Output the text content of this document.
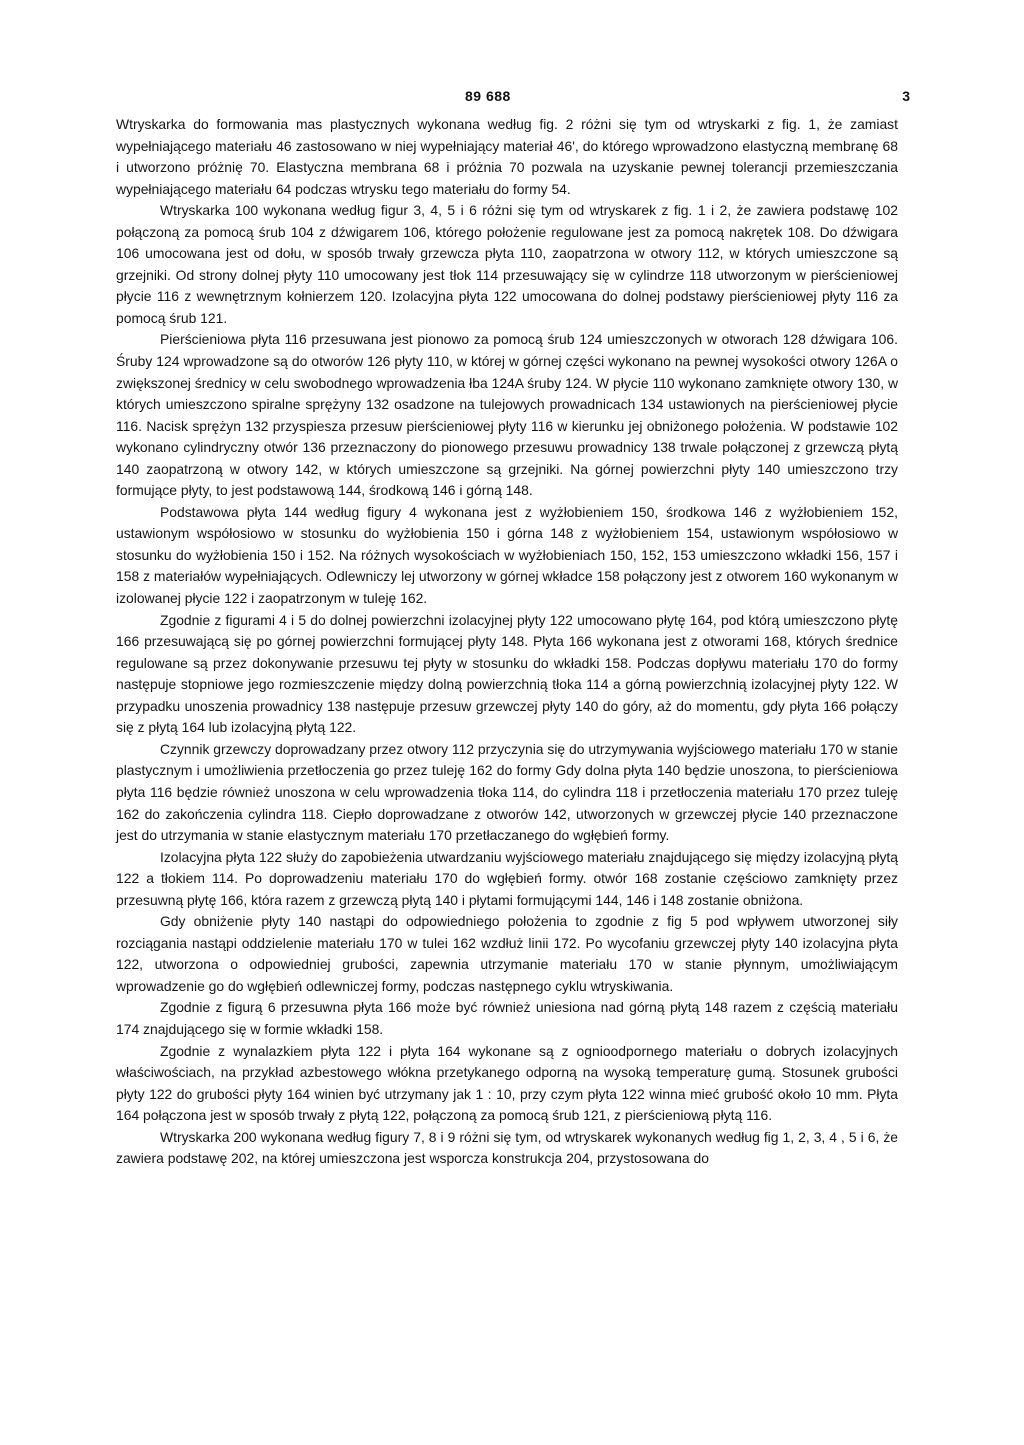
89 688	3

Wtryskarka do formowania mas plastycznych wykonana według fig. 2 różni się tym od wtryskarki z fig. 1, że zamiast wypełniającego materiału 46 zastosowano w niej wypełniający materiał 46', do którego wprowadzono elastyczną membranę 68 i utworzono próżnię 70. Elastyczna membrana 68 i próżnia 70 pozwala na uzyskanie pewnej tolerancji przemieszczania wypełniającego materiału 64 podczas wtrysku tego materiału do formy 54.

Wtryskarka 100 wykonana według figur 3, 4, 5 i 6 różni się tym od wtryskarek z fig. 1 i 2, że zawiera podstawę 102 połączoną za pomocą śrub 104 z dźwigarem 106, którego położenie regulowane jest za pomocą nakrętek 108. Do dźwigara 106 umocowana jest od dołu, w sposób trwały grzewcza płyta 110, zaopatrzona w otwory 112, w których umieszczone są grzejniki. Od strony dolnej płyty 110 umocowany jest tłok 114 przesuwający się w cylindrze 118 utworzonym w pierścieniowej płycie 116 z wewnętrznym kołnierzem 120. Izolacyjna płyta 122 umocowana do dolnej podstawy pierścieniowej płyty 116 za pomocą śrub 121.

Pierścieniowa płyta 116 przesuwana jest pionowo za pomocą śrub 124 umieszczonych w otworach 128 dźwigara 106. Śruby 124 wprowadzone są do otworów 126 płyty 110, w której w górnej części wykonano na pewnej wysokości otwory 126A o zwiększonej średnicy w celu swobodnego wprowadzenia łba 124A śruby 124. W płycie 110 wykonano zamknięte otwory 130, w których umieszczono spiralne sprężyny 132 osadzone na tulejowych prowadnicach 134 ustawionych na pierścieniowej płycie 116. Nacisk sprężyn 132 przyspiesza przesuw pierścieniowej płyty 116 w kierunku jej obniżonego położenia. W podstawie 102 wykonano cylindryczny otwór 136 przeznaczony do pionowego przesuwu prowadnicy 138 trwale połączonej z grzewczą płytą 140 zaopatrzoną w otwory 142, w których umieszczone są grzejniki. Na górnej powierzchni płyty 140 umieszczono trzy formujące płyty, to jest podstawową 144, środkową 146 i górną 148.

Podstawowa płyta 144 według figury 4 wykonana jest z wyżłobieniem 150, środkowa 146 z wyżłobieniem 152, ustawionym współosiowo w stosunku do wyżłobienia 150 i górna 148 z wyżłobieniem 154, ustawionym współosiowo w stosunku do wyżłobienia 150 i 152. Na różnych wysokościach w wyżłobieniach 150, 152, 153 umieszczono wkładki 156, 157 i 158 z materiałów wypełniających. Odlewniczy lej utworzony w górnej wkładce 158 połączony jest z otworem 160 wykonanym w izolowanej płycie 122 i zaopatrzonym w tuleję 162.

Zgodnie z figurami 4 i 5 do dolnej powierzchni izolacyjnej płyty 122 umocowano płytę 164, pod którą umieszczono płytę 166 przesuwającą się po górnej powierzchni formującej płyty 148. Płyta 166 wykonana jest z otworami 168, których średnice regulowane są przez dokonywanie przesuwu tej płyty w stosunku do wkładki 158. Podczas dopływu materiału 170 do formy następuje stopniowe jego rozmieszczenie między dolną powierzchnią tłoka 114 a górną powierzchnią izolacyjnej płyty 122. W przypadku unoszenia prowadnicy 138 następuje przesuw grzewczej płyty 140 do góry, aż do momentu, gdy płyta 166 połączy się z płytą 164 lub izolacyjną płytą 122.

Czynnik grzewczy doprowadzany przez otwory 112 przyczynia się do utrzymywania wyjściowego materiału 170 w stanie plastycznym i umożliwienia przetłoczenia go przez tuleję 162 do formy Gdy dolna płyta 140 będzie unoszona, to pierścieniowa płyta 116 będzie również unoszona w celu wprowadzenia tłoka 114, do cylindra 118 i przetłoczenia materiału 170 przez tuleję 162 do zakończenia cylindra 118. Ciepło doprowadzane z otworów 142, utworzonych w grzewczej płycie 140 przeznaczone jest do utrzymania w stanie elastycznym materiału 170 przetłaczanego do wgłębień formy.

Izolacyjna płyta 122 służy do zapobieżenia utwardzaniu wyjściowego materiału znajdującego się między izolacyjną płytą 122 a tłokiem 114. Po doprowadzeniu materiału 170 do wgłębień formy. otwór 168 zostanie częściowo zamknięty przez przesuwną płytę 166, która razem z grzewczą płytą 140 i płytami formującymi 144, 146 i 148 zostanie obniżona.

Gdy obniżenie płyty 140 nastąpi do odpowiedniego położenia to zgodnie z fig 5 pod wpływem utworzonej siły rozciągania nastąpi oddzielenie materiału 170 w tulei 162 wzdłuż linii 172. Po wycofaniu grzewczej płyty 140 izolacyjna płyta 122, utworzona o odpowiedniej grubości, zapewnia utrzymanie materiału 170 w stanie płynnym, umożliwiającym wprowadzenie go do wgłębień odlewniczej formy, podczas następnego cyklu wtryskiwania.

Zgodnie z figurą 6 przesuwna płyta 166 może być również uniesiona nad górną płytą 148 razem z częścią materiału 174 znajdującego się w formie wkładki 158.

Zgodnie z wynalazkiem płyta 122 i płyta 164 wykonane są z ognioodpornego materiału o dobrych izolacyjnych właściwościach, na przykład azbestowego włókna przetykanego odporną na wysoką temperaturę gumą. Stosunek grubości płyty 122 do grubości płyty 164 winien być utrzymany jak 1 : 10, przy czym płyta 122 winna mieć grubość około 10 mm. Płyta 164 połączona jest w sposób trwały z płytą 122, połączoną za pomocą śrub 121, z pierścieniową płytą 116.

Wtryskarka 200 wykonana według figury 7, 8 i 9 różni się tym, od wtryskarek wykonanych według fig 1, 2, 3, 4 , 5 i 6, że zawiera podstawę 202, na której umieszczona jest wsporcza konstrukcja 204, przystosowana do
